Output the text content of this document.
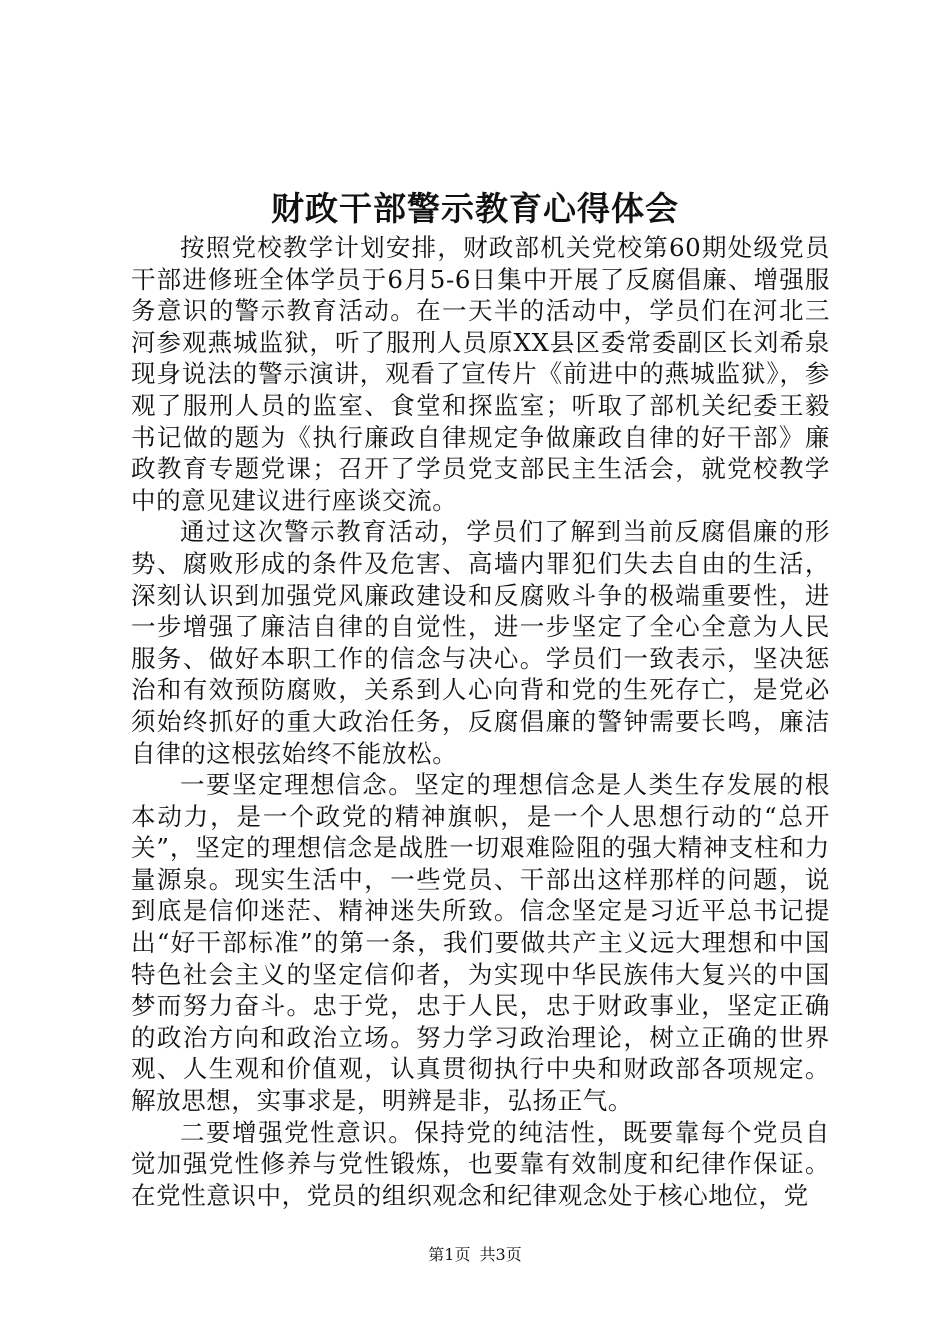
财政干部警示教育心得体会

按照党校教学计划安排，财政部机关党校第60期处级党员干部进修班全体学员于6月5-6日集中开展了反腐倡廉、增强服务意识的警示教育活动。在一天半的活动中，学员们在河北三河参观燕城监狱，听了服刑人员原XX县区委常委副区长刘希泉现身说法的警示演讲，观看了宣传片《前进中的燕城监狱》，参观了服刑人员的监室、食堂和探监室；听取了部机关纪委王毅书记做的题为《执行廉政自律规定争做廉政自律的好干部》廉政教育专题党课；召开了学员党支部民主生活会，就党校教学中的意见建议进行座谈交流。

通过这次警示教育活动，学员们了解到当前反腐倡廉的形势、腐败形成的条件及危害、高墙内罪犯们失去自由的生活，深刻认识到加强党风廉政建设和反腐败斗争的极端重要性，进一步增强了廉洁自律的自觉性，进一步坚定了全心全意为人民服务、做好本职工作的信念与决心。学员们一致表示，坚决惩治和有效预防腐败，关系到人心向背和党的生死存亡，是党必须始终抓好的重大政治任务，反腐倡廉的警钟需要长鸣，廉洁自律的这根弦始终不能放松。

一要坚定理想信念。坚定的理想信念是人类生存发展的根本动力，是一个政党的精神旗帜，是一个人思想行动的“总开关”，坚定的理想信念是战胜一切艰难险阻的强大精神支柱和力量源泉。现实生活中，一些党员、干部出这样那样的问题，说到底是信仰迷茫、精神迷失所致。信念坚定是习近平总书记提出“好干部标准”的第一条，我们要做共产主义远大理想和中国特色社会主义的坚定信仰者，为实现中华民族伟大复兴的中国梦而努力奋斗。忠于党，忠于人民，忠于财政事业，坚定正确的政治方向和政治立场。努力学习政治理论，树立正确的世界观、人生观和价值观，认真贯彻执行中央和财政部各项规定。解放思想，实事求是，明辨是非，弘扬正气。

二要增强党性意识。保持党的纯洁性，既要靠每个党员自觉加强党性修养与党性锻炼，也要靠有效制度和纪律作保证。在党性意识中，党员的组织观念和纪律观念处于核心地位，党

第1页 共3页
